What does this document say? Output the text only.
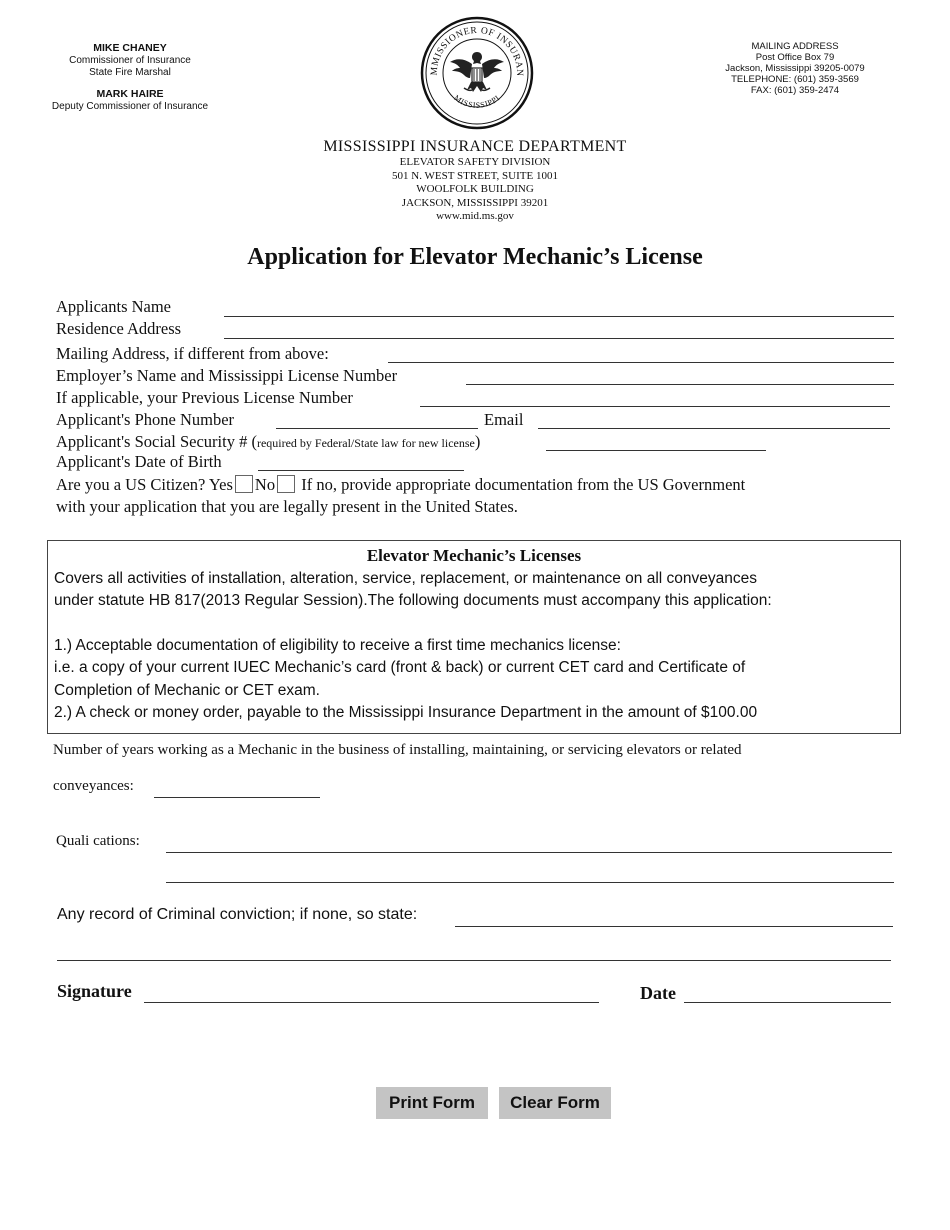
MIKE CHANEY
Commissioner of Insurance
State Fire Marshal
MARK HAIRE
Deputy Commissioner of Insurance
MMISSIONER OF INSURAN
MISSISSIPPI
MAILING ADDRESS
Post Office Box 79
Jackson, Mississippi 39205-0079
TELEPHONE: (601) 359-3569
FAX: (601) 359-2474
MISSISSIPPI INSURANCE DEPARTMENT
ELEVATOR SAFETY DIVISION
501 N. WEST STREET, SUITE 1001
WOOLFOLK BUILDING
JACKSON, MISSISSIPPI 39201
www.mid.ms.gov
Application for Elevator Mechanic’s License
Applicants Name
Residence Address
Mailing Address, if different from above:
Employer’s Name and Mississippi License Number
If applicable, your Previous License Number
Applicant's Phone Number	Email
Applicant's Social Security # (required by Federal/State law for new license)
Applicant's Date of Birth
Are you a US Citizen? Yes No If no, provide appropriate documentation from the US Government
with your application that you are legally present in the United States.
Elevator Mechanic’s Licenses
Covers all activities of installation, alteration, service, replacement, or maintenance on all conveyances
under statute HB 817(2013 Regular Session).The following documents must accompany this application:
1.) Acceptable documentation of eligibility to receive a first time mechanics license:
i.e. a copy of your current IUEC Mechanic’s card (front & back) or current CET card and Certificate of
Completion of Mechanic or CET exam.
2.) A check or money order, payable to the Mississippi Insurance Department in the amount of $100.00
Number of years working as a Mechanic in the business of installing, maintaining, or servicing elevators or related
conveyances:
Quali cations:
Any record of Criminal conviction; if none, so state:
Signature	Date
Print Form	Clear Form
